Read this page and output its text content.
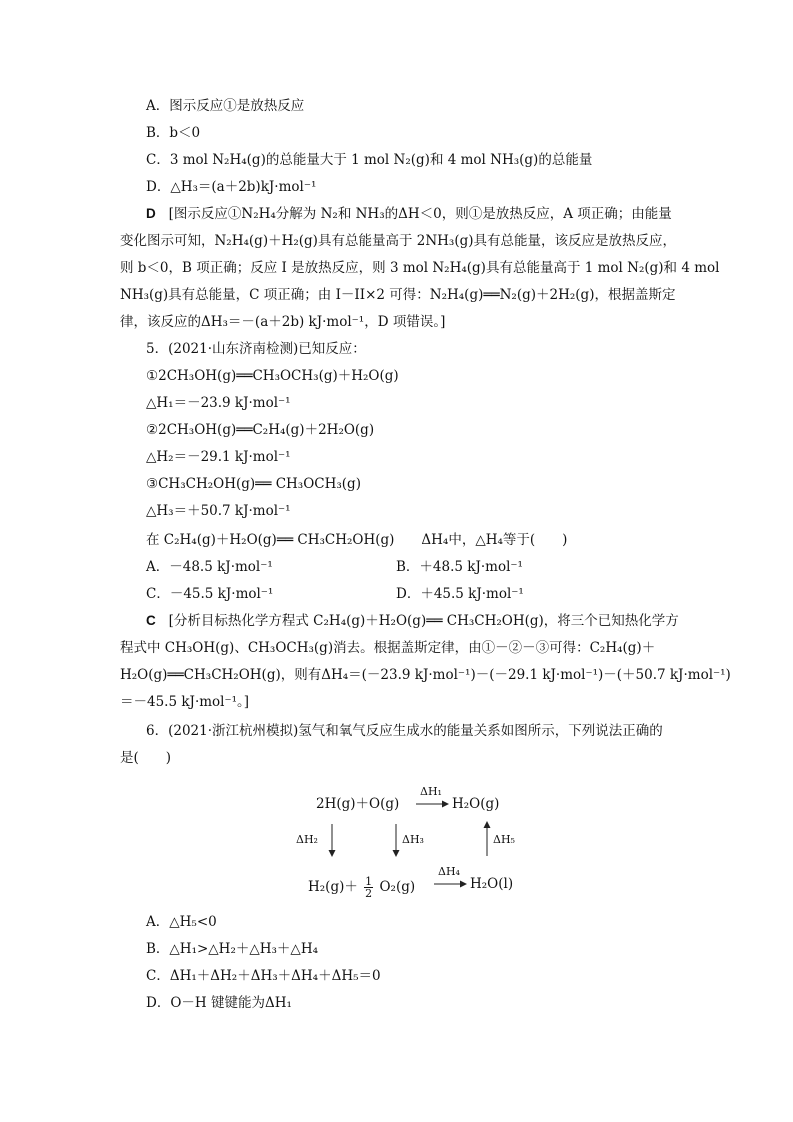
A．图示反应①是放热反应
B．b＜0
C．3 mol N₂H₄(g)的总能量大于 1 mol N₂(g)和 4 mol NH₃(g)的总能量
D．△H₃＝(a＋2b)kJ·mol⁻¹
D [图示反应①N₂H₄分解为 N₂和 NH₃的ΔH＜0，则①是放热反应，A 项正确；由能量
变化图示可知，N₂H₄(g)＋H₂(g)具有总能量高于 2NH₃(g)具有总能量，该反应是放热反应，
则 b＜0，B 项正确；反应 I 是放热反应，则 3 mol N₂H₄(g)具有总能量高于 1 mol N₂(g)和 4 mol
NH₃(g)具有总能量，C 项正确；由 I－II×2 可得：N₂H₄(g)══N₂(g)＋2H₂(g)，根据盖斯定
律，该反应的ΔH₃＝－(a＋2b) kJ·mol⁻¹，D 项错误。]
5．(2021·山东济南检测)已知反应：
①2CH₃OH(g)══CH₃OCH₃(g)＋H₂O(g)
△H₁＝－23.9 kJ·mol⁻¹
②2CH₃OH(g)══C₂H₄(g)＋2H₂O(g)
△H₂＝－29.1 kJ·mol⁻¹
③CH₃CH₂OH(g)══ CH₃OCH₃(g)
△H₃＝＋50.7 kJ·mol⁻¹
在 C₂H₄(g)＋H₂O(g)══ CH₃CH₂OH(g)　　ΔH₄中，△H₄等于(　　)
A．－48.5 kJ·mol⁻¹	B．＋48.5 kJ·mol⁻¹
C．－45.5 kJ·mol⁻¹	D．＋45.5 kJ·mol⁻¹
C [分析目标热化学方程式 C₂H₄(g)＋H₂O(g)══ CH₃CH₂OH(g)，将三个已知热化学方
程式中 CH₃OH(g)、CH₃OCH₃(g)消去。根据盖斯定律，由①－②－③可得：C₂H₄(g)＋
H₂O(g)══CH₃CH₂OH(g)，则有ΔH₄＝(－23.9 kJ·mol⁻¹)－(－29.1 kJ·mol⁻¹)－(＋50.7 kJ·mol⁻¹)
＝－45.5 kJ·mol⁻¹。]
6．(2021·浙江杭州模拟)氢气和氧气反应生成水的能量关系如图所示，下列说法正确的
是(　　)
2H(g)＋O(g)
ΔH₁
H₂O(g)
ΔH₂	ΔH₃	ΔH₅
$H_2(g)+ \frac{1}{2} O_2(g)$
ΔH₄
H₂O(l)
A．△H₅<0
B．△H₁>△H₂＋△H₃＋△H₄
C．ΔH₁＋ΔH₂＋ΔH₃＋ΔH₄＋ΔH₅＝0
D．O－H 键键能为ΔH₁
